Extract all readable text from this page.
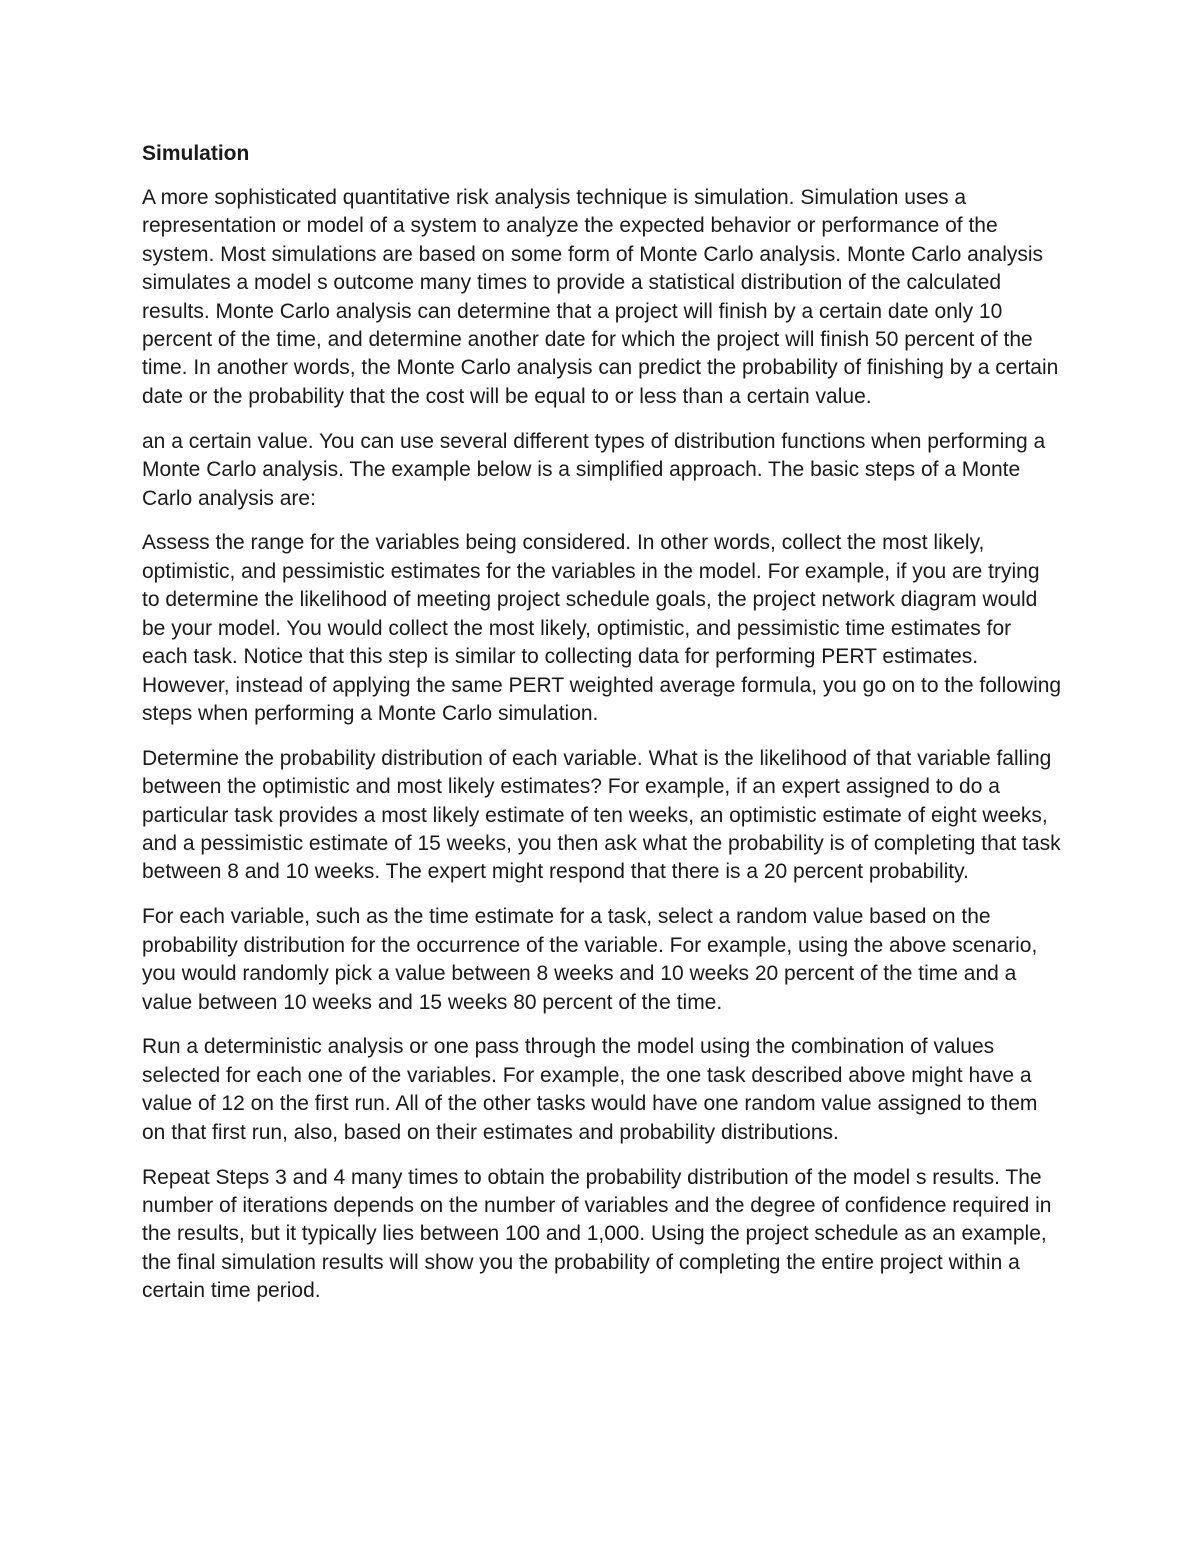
Simulation

A more sophisticated quantitative risk analysis technique is simulation. Simulation uses a representation or model of a system to analyze the expected behavior or performance of the system. Most simulations are based on some form of Monte Carlo analysis. Monte Carlo analysis simulates a model s outcome many times to provide a statistical distribution of the calculated results. Monte Carlo analysis can determine that a project will finish by a certain date only 10 percent of the time, and determine another date for which the project will finish 50 percent of the time. In another words, the Monte Carlo analysis can predict the probability of finishing by a certain date or the probability that the cost will be equal to or less than a certain value.

an a certain value. You can use several different types of distribution functions when performing a Monte Carlo analysis. The example below is a simplified approach. The basic steps of a Monte Carlo analysis are:

Assess the range for the variables being considered. In other words, collect the most likely, optimistic, and pessimistic estimates for the variables in the model. For example, if you are trying to determine the likelihood of meeting project schedule goals, the project network diagram would be your model. You would collect the most likely, optimistic, and pessimistic time estimates for each task. Notice that this step is similar to collecting data for performing PERT estimates. However, instead of applying the same PERT weighted average formula, you go on to the following steps when performing a Monte Carlo simulation.

Determine the probability distribution of each variable. What is the likelihood of that variable falling between the optimistic and most likely estimates? For example, if an expert assigned to do a particular task provides a most likely estimate of ten weeks, an optimistic estimate of eight weeks, and a pessimistic estimate of 15 weeks, you then ask what the probability is of completing that task between 8 and 10 weeks. The expert might respond that there is a 20 percent probability.

For each variable, such as the time estimate for a task, select a random value based on the probability distribution for the occurrence of the variable. For example, using the above scenario, you would randomly pick a value between 8 weeks and 10 weeks 20 percent of the time and a value between 10 weeks and 15 weeks 80 percent of the time.

Run a deterministic analysis or one pass through the model using the combination of values selected for each one of the variables. For example, the one task described above might have a value of 12 on the first run. All of the other tasks would have one random value assigned to them on that first run, also, based on their estimates and probability distributions.

Repeat Steps 3 and 4 many times to obtain the probability distribution of the model s results. The number of iterations depends on the number of variables and the degree of confidence required in the results, but it typically lies between 100 and 1,000. Using the project schedule as an example, the final simulation results will show you the probability of completing the entire project within a certain time period.
